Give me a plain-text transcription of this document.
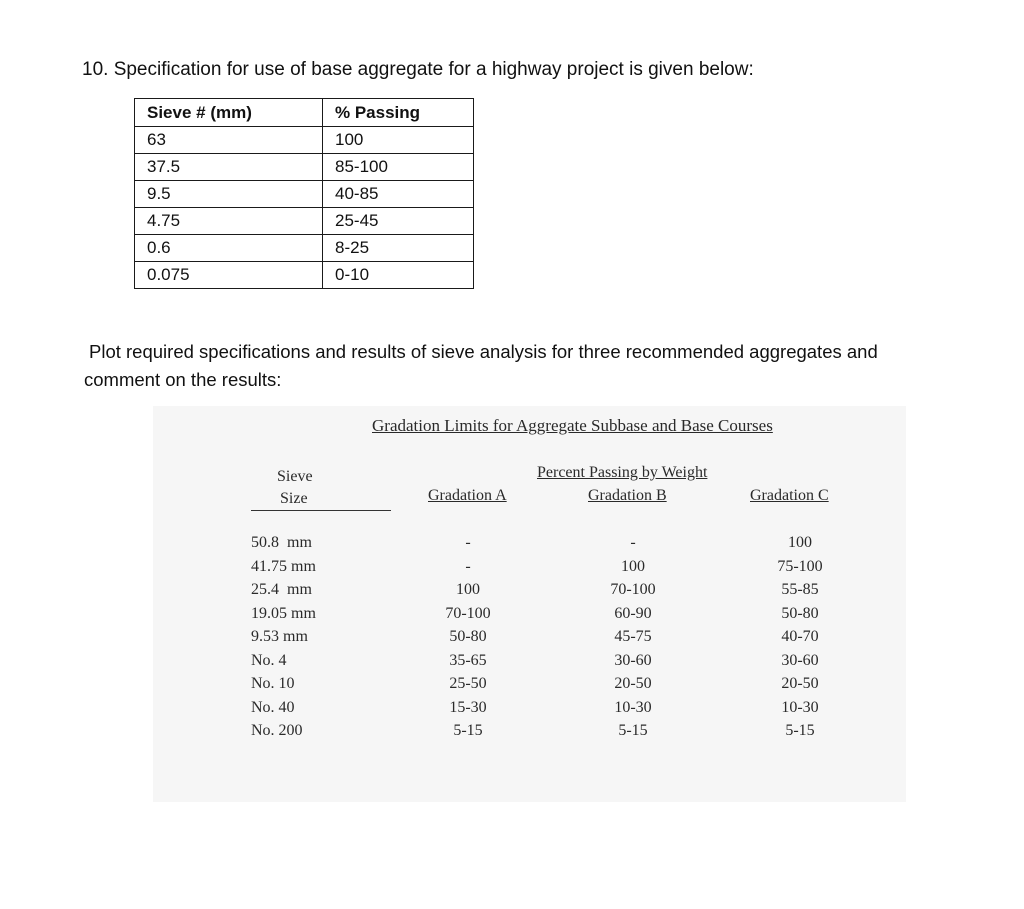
10. Specification for use of base aggregate for a highway project is given below:
Sieve # (mm)	% Passing
63	100
37.5	85-100
9.5	40-85
4.75	25-45
0.6	8-25
0.075	0-10
Plot required specifications and results of sieve analysis for three recommended aggregates and
comment on the results:
Gradation Limits for Aggregate Subbase and Base Courses
Sieve
Size
Percent Passing by Weight
Gradation A	Gradation B	Gradation C
50.8  mm	-	-	100
41.75 mm	-	100	75-100
25.4  mm	100	70-100	55-85
19.05 mm	70-100	60-90	50-80
9.53 mm	50-80	45-75	40-70
No. 4	35-65	30-60	30-60
No. 10	25-50	20-50	20-50
No. 40	15-30	10-30	10-30
No. 200	5-15	5-15	5-15
